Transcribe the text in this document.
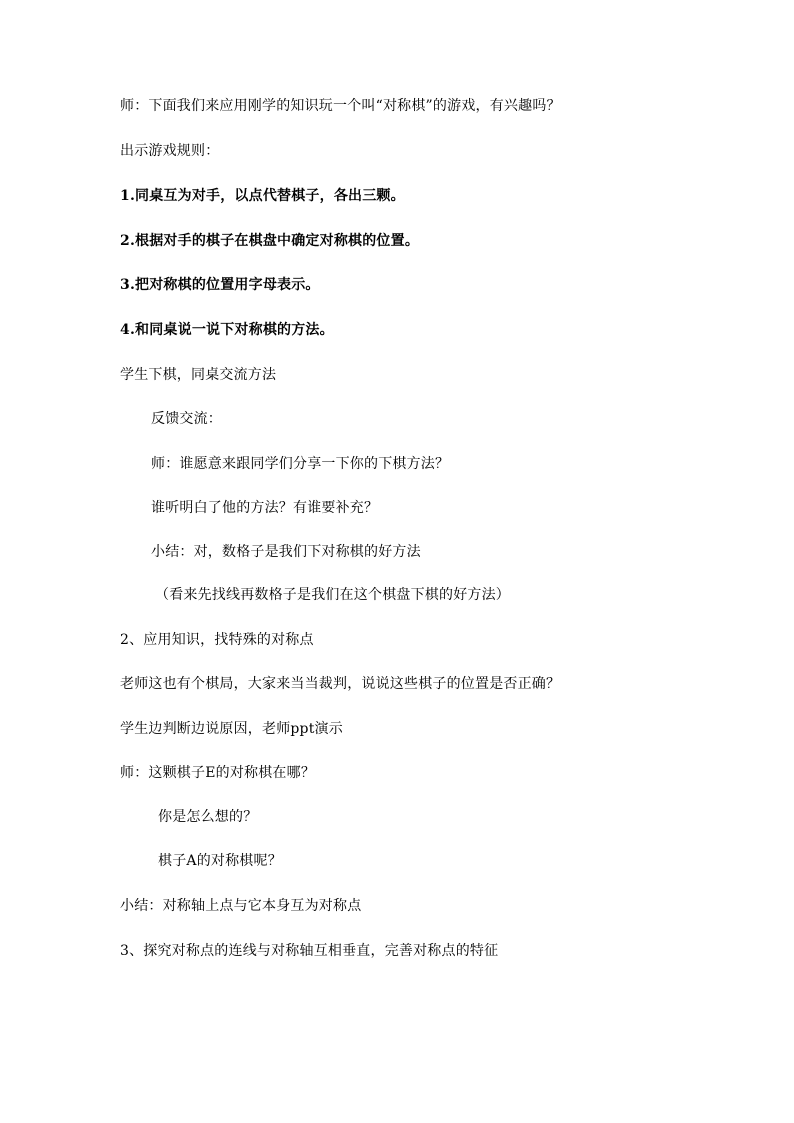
师：下面我们来应用刚学的知识玩一个叫“对称棋”的游戏，有兴趣吗？
出示游戏规则：
1.同桌互为对手，以点代替棋子，各出三颗。
2.根据对手的棋子在棋盘中确定对称棋的位置。
3.把对称棋的位置用字母表示。
4.和同桌说一说下对称棋的方法。
学生下棋，同桌交流方法
反馈交流：
师：谁愿意来跟同学们分享一下你的下棋方法？
谁听明白了他的方法？有谁要补充？
小结：对，数格子是我们下对称棋的好方法
（看来先找线再数格子是我们在这个棋盘下棋的好方法）
2、应用知识，找特殊的对称点
老师这也有个棋局，大家来当当裁判，说说这些棋子的位置是否正确？
学生边判断边说原因，老师ppt演示
师：这颗棋子E的对称棋在哪？
你是怎么想的？
棋子A的对称棋呢？
小结：对称轴上点与它本身互为对称点
3、探究对称点的连线与对称轴互相垂直，完善对称点的特征
